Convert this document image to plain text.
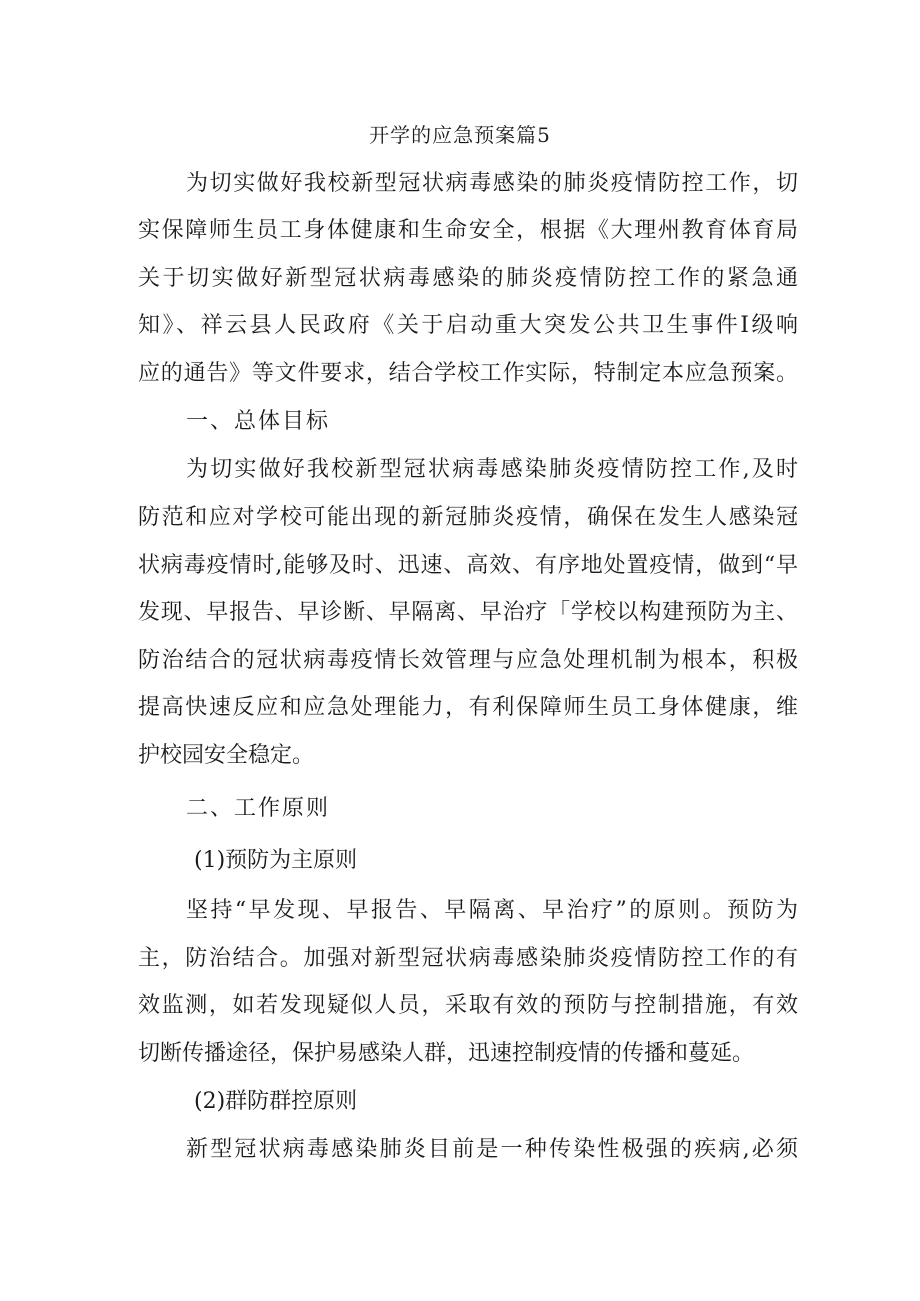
开学的应急预案篇5
为切实做好我校新型冠状病毒感染的肺炎疫情防控工作，切
实保障师生员工身体健康和生命安全，根据《大理州教育体育局
关于切实做好新型冠状病毒感染的肺炎疫情防控工作的紧急通
知》、祥云县人民政府《关于启动重大突发公共卫生事件I级响
应的通告》等文件要求，结合学校工作实际，特制定本应急预案。
一、总体目标
为切实做好我校新型冠状病毒感染肺炎疫情防控工作,及时
防范和应对学校可能出现的新冠肺炎疫情，确保在发生人感染冠
状病毒疫情时,能够及时、迅速、高效、有序地处置疫情，做到“早
发现、早报告、早诊断、早隔离、早治疗「学校以构建预防为主、
防治结合的冠状病毒疫情长效管理与应急处理机制为根本，积极
提高快速反应和应急处理能力，有利保障师生员工身体健康，维
护校园安全稳定。
二、工作原则
(1)预防为主原则
坚持“早发现、早报告、早隔离、早治疗”的原则。预防为
主，防治结合。加强对新型冠状病毒感染肺炎疫情防控工作的有
效监测，如若发现疑似人员，采取有效的预防与控制措施，有效
切断传播途径，保护易感染人群，迅速控制疫情的传播和蔓延。
(2)群防群控原则
新型冠状病毒感染肺炎目前是一种传染性极强的疾病,必须
